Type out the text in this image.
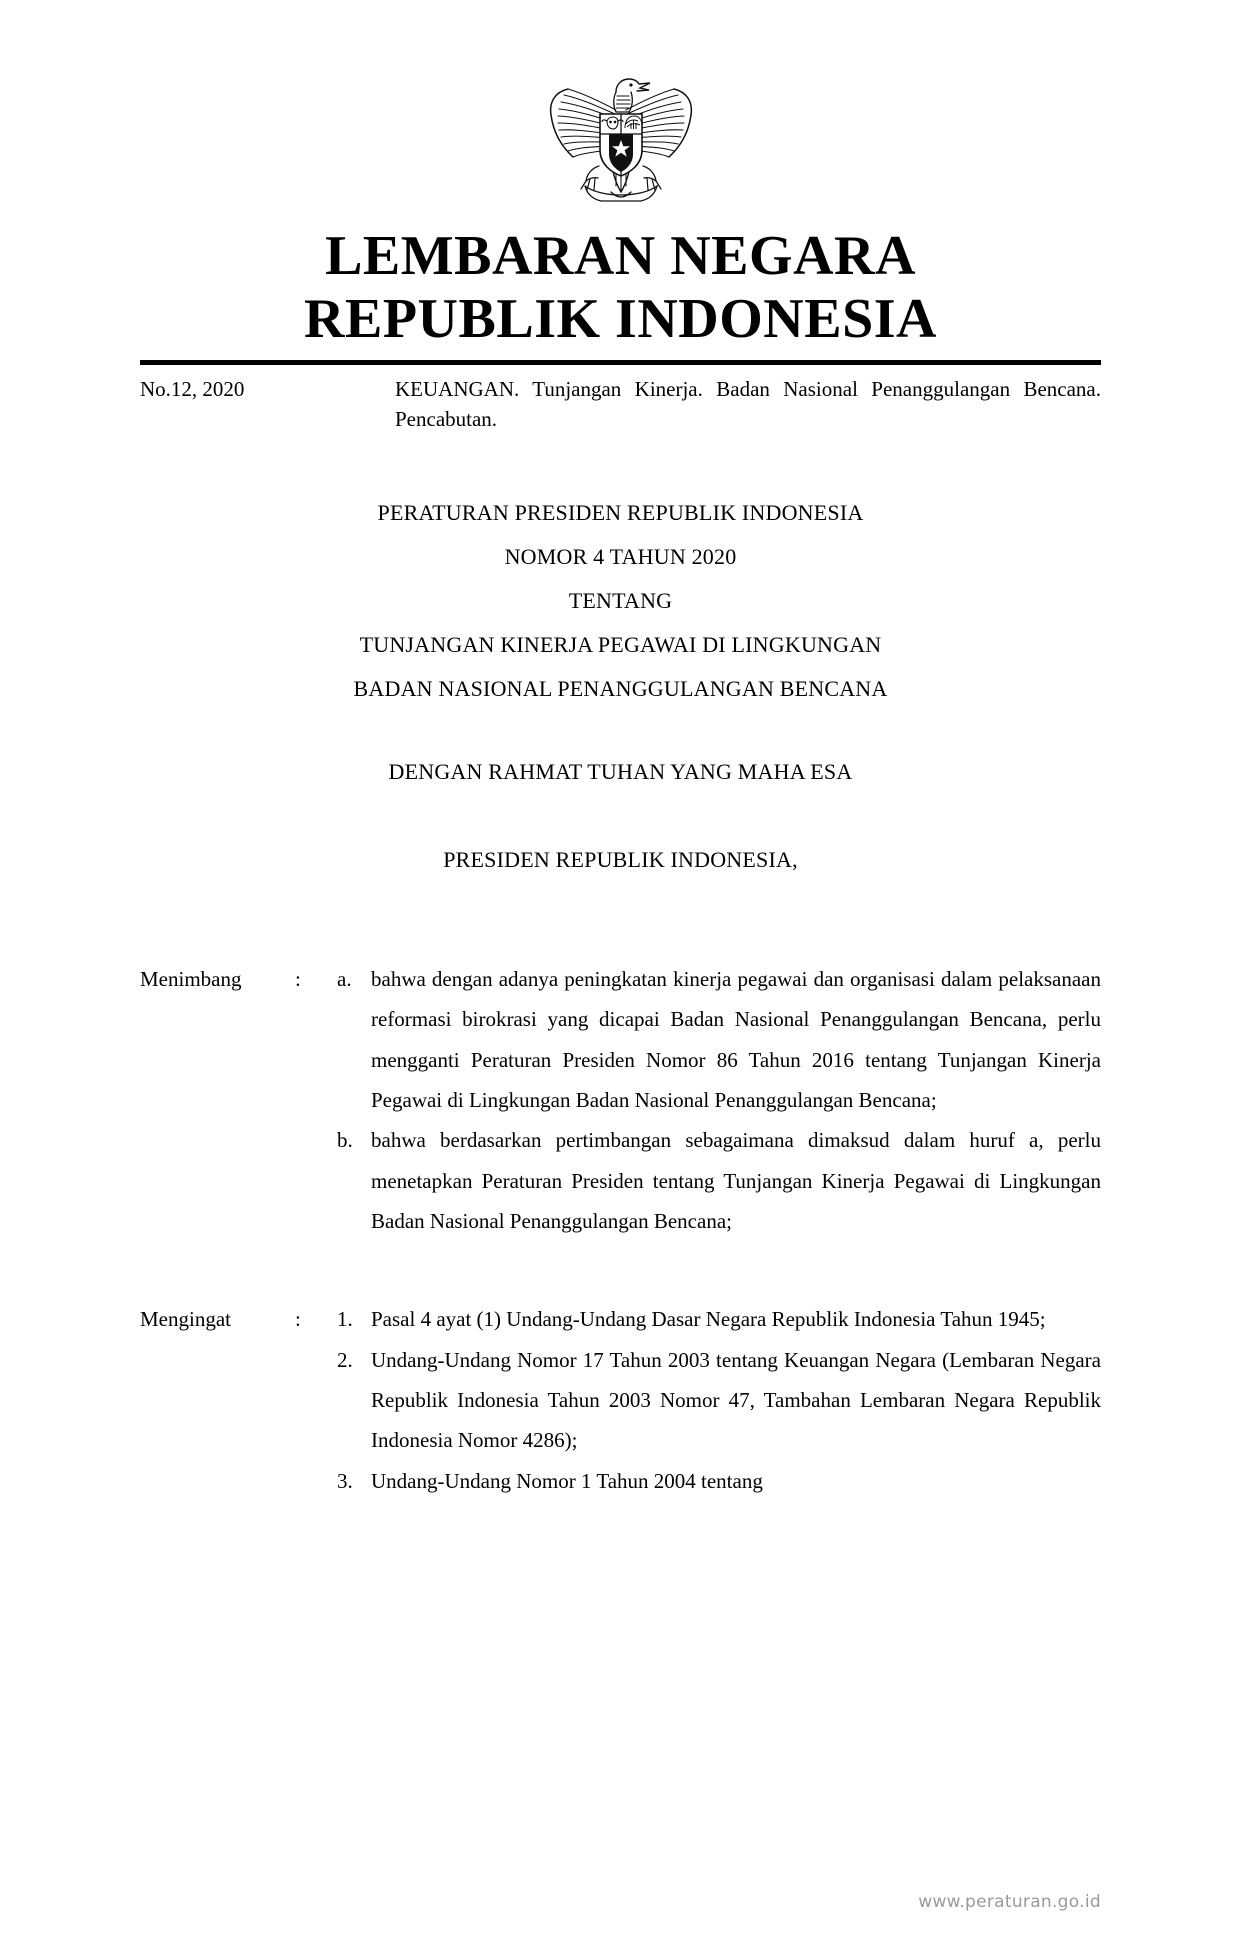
LEMBARAN NEGARA
REPUBLIK INDONESIA
No.12, 2020	KEUANGAN. Tunjangan Kinerja. Badan Nasional Penanggulangan Bencana. Pencabutan.
PERATURAN PRESIDEN REPUBLIK INDONESIA
NOMOR 4 TAHUN 2020
TENTANG
TUNJANGAN KINERJA PEGAWAI DI LINGKUNGAN
BADAN NASIONAL PENANGGULANGAN BENCANA
DENGAN RAHMAT TUHAN YANG MAHA ESA
PRESIDEN REPUBLIK INDONESIA,
Menimbang	:	a. bahwa dengan adanya peningkatan kinerja pegawai dan organisasi dalam pelaksanaan reformasi birokrasi yang dicapai Badan Nasional Penanggulangan Bencana, perlu mengganti Peraturan Presiden Nomor 86 Tahun 2016 tentang Tunjangan Kinerja Pegawai di Lingkungan Badan Nasional Penanggulangan Bencana;
b. bahwa berdasarkan pertimbangan sebagaimana dimaksud dalam huruf a, perlu menetapkan Peraturan Presiden tentang Tunjangan Kinerja Pegawai di Lingkungan Badan Nasional Penanggulangan Bencana;
Mengingat	:	1. Pasal 4 ayat (1) Undang-Undang Dasar Negara Republik Indonesia Tahun 1945;
2. Undang-Undang Nomor 17 Tahun 2003 tentang Keuangan Negara (Lembaran Negara Republik Indonesia Tahun 2003 Nomor 47, Tambahan Lembaran Negara Republik Indonesia Nomor 4286);
3. Undang-Undang Nomor 1 Tahun 2004 tentang
www.peraturan.go.id
